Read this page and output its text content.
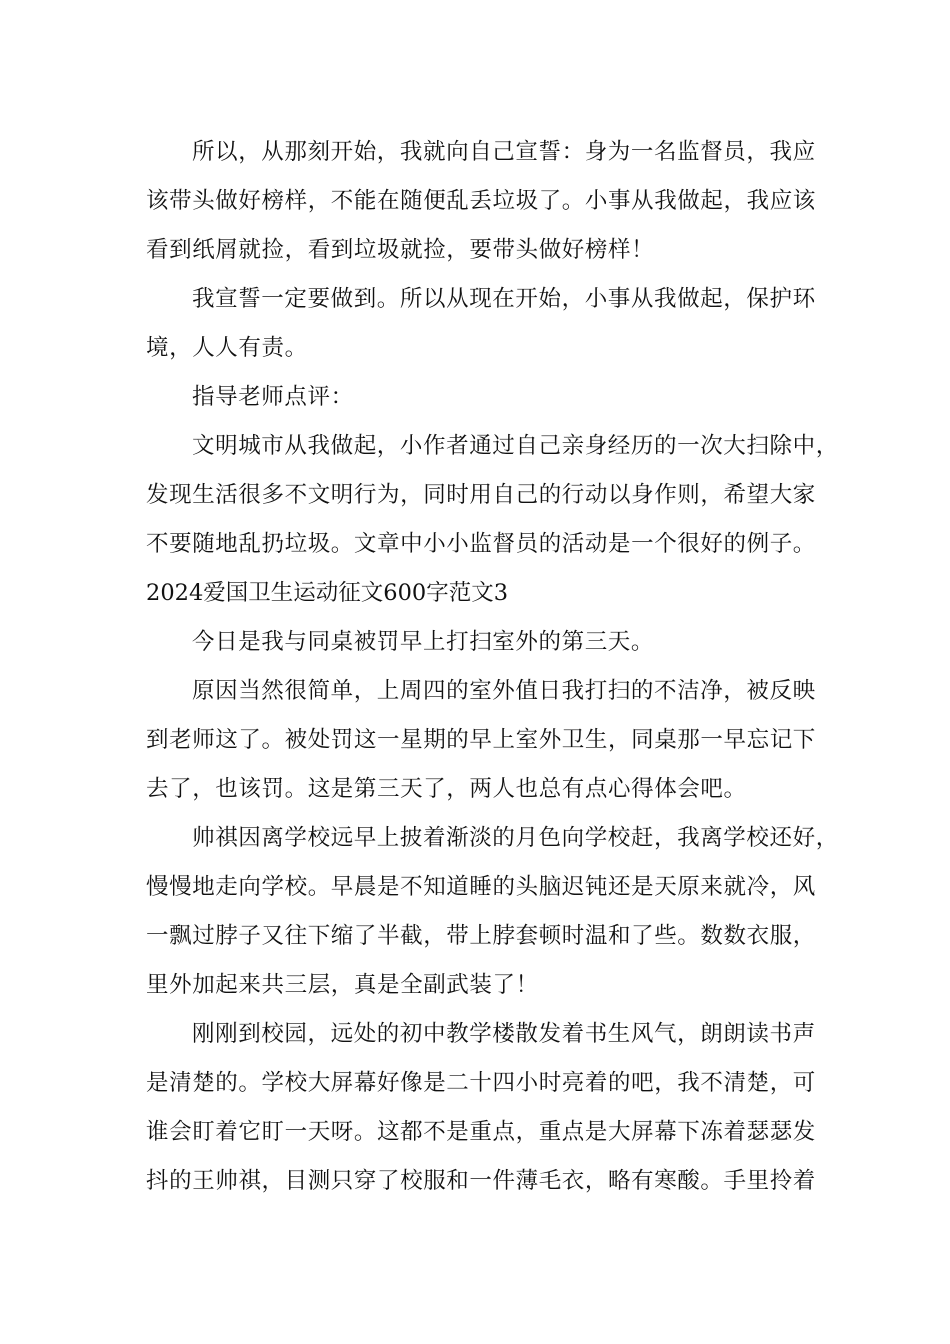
所以，从那刻开始，我就向自己宣誓：身为一名监督员，我应
该带头做好榜样，不能在随便乱丢垃圾了。小事从我做起，我应该
看到纸屑就捡，看到垃圾就捡，要带头做好榜样！
我宣誓一定要做到。所以从现在开始，小事从我做起，保护环
境，人人有责。
指导老师点评：
文明城市从我做起，小作者通过自己亲身经历的一次大扫除中，
发现生活很多不文明行为，同时用自己的行动以身作则，希望大家
不要随地乱扔垃圾。文章中小小监督员的活动是一个很好的例子。
2024爱国卫生运动征文600字范文3
今日是我与同桌被罚早上打扫室外的第三天。
原因当然很简单，上周四的室外值日我打扫的不洁净，被反映
到老师这了。被处罚这一星期的早上室外卫生，同桌那一早忘记下
去了，也该罚。这是第三天了，两人也总有点心得体会吧。
帅祺因离学校远早上披着渐淡的月色向学校赶，我离学校还好，
慢慢地走向学校。早晨是不知道睡的头脑迟钝还是天原来就冷，风
一飘过脖子又往下缩了半截，带上脖套顿时温和了些。数数衣服，
里外加起来共三层，真是全副武装了！
刚刚到校园，远处的初中教学楼散发着书生风气，朗朗读书声
是清楚的。学校大屏幕好像是二十四小时亮着的吧，我不清楚，可
谁会盯着它盯一天呀。这都不是重点，重点是大屏幕下冻着瑟瑟发
抖的王帅祺，目测只穿了校服和一件薄毛衣，略有寒酸。手里拎着
